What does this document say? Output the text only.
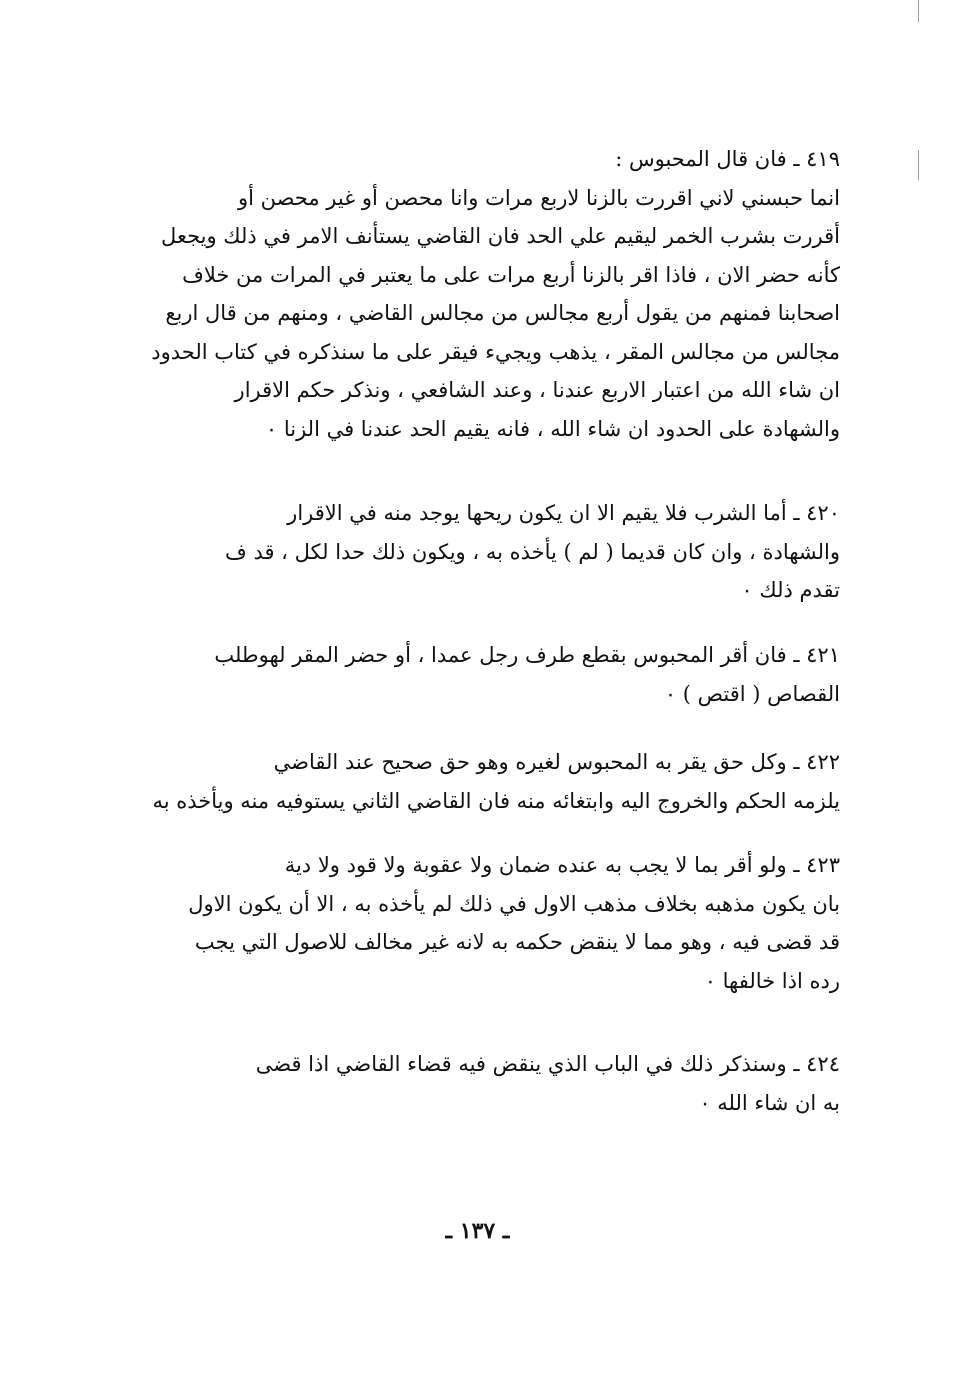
٤١٩ ـ فان قال المحبوس :
انما حبسني لاني اقررت بالزنا لاربع مرات وانا محصن أو غير محصن أو
أقررت بشرب الخمر ليقيم علي الحد فان القاضي يستأنف الامر في ذلك ويجعل
كأنه حضر الان ، فاذا اقر بالزنا أربع مرات على ما يعتبر في المرات من خلاف
اصحابنا فمنهم من يقول أربع مجالس من مجالس القاضي ، ومنهم من قال اربع
مجالس من مجالس المقر ، يذهب ويجيء فيقر على ما سنذكره في كتاب الحدود
ان شاء الله من اعتبار الاربع عندنا ، وعند الشافعي ، ونذكر حكم الاقرار
والشهادة على الحدود ان شاء الله ، فانه يقيم الحد عندنا في الزنا ٠
٤٢٠ ـ أما الشرب فلا يقيم الا ان يكون ريحها يوجد منه في الاقرار
والشهادة ، وان كان قديما ( لم ) يأخذه به ، ويكون ذلك حدا لكل ، قد ف
تقدم ذلك ٠
٤٢١ ـ فان أقر المحبوس بقطع طرف رجل عمدا ، أو حضر المقر لهوطلب
القصاص ( اقتص ) ٠
٤٢٢ ـ وكل حق يقر به المحبوس لغيره وهو حق صحيح عند القاضي
يلزمه الحكم والخروج اليه وابتغائه منه فان القاضي الثاني يستوفيه منه ويأخذه به
٤٢٣ ـ ولو أقر بما لا يجب به عنده ضمان ولا عقوبة ولا قود ولا دية
بان يكون مذهبه بخلاف مذهب الاول في ذلك لم يأخذه به ، الا أن يكون الاول
قد قضى فيه ، وهو مما لا ينقض حكمه به لانه غير مخالف للاصول التي يجب
رده اذا خالفها ٠
٤٢٤ ـ وسنذكر ذلك في الباب الذي ينقض فيه قضاء القاضي اذا قضى
به ان شاء الله ٠
ـ ١٣٧ ـ
